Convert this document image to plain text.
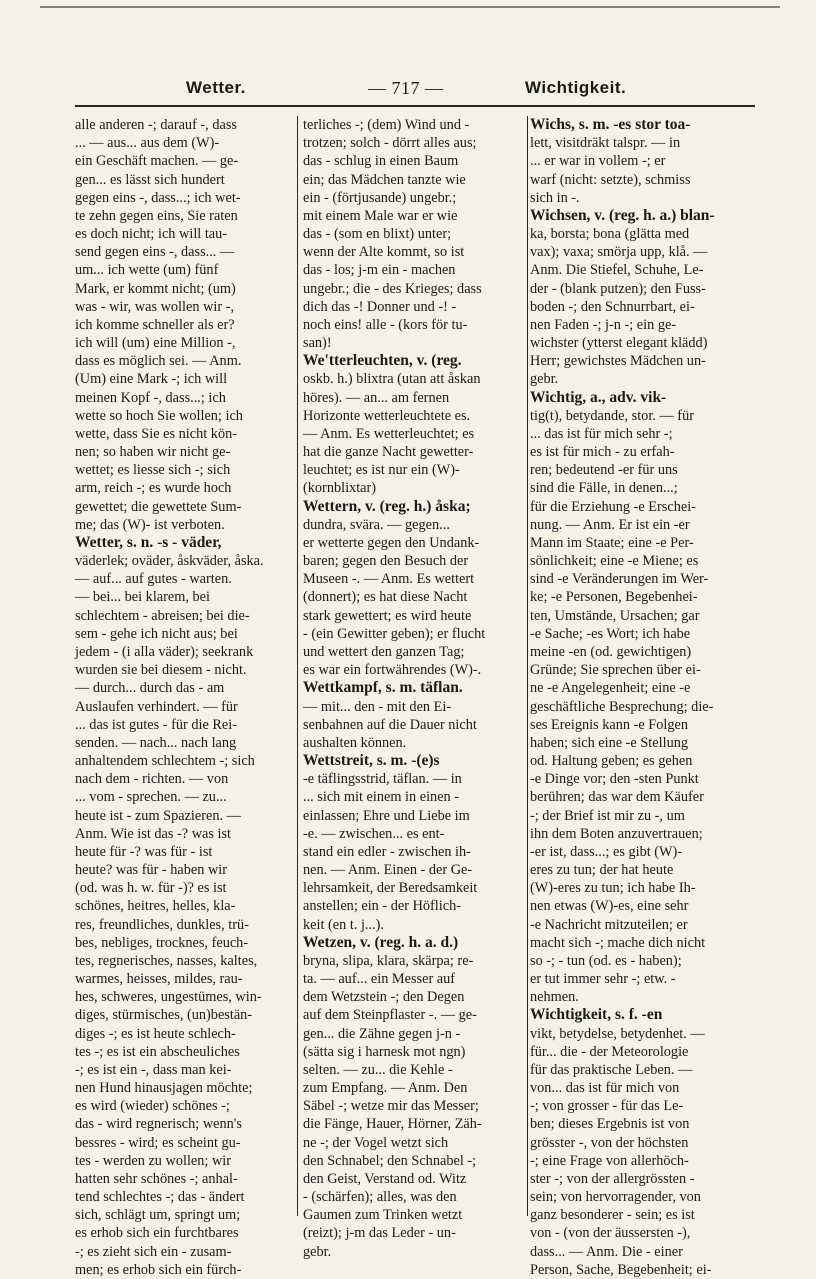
Wetter.	— 717 —	Wichtigkeit.
alle anderen -; darauf -, dass
... — aus... aus dem (W)-
ein Geschäft machen. — ge-
gen... es lässt sich hundert
gegen eins -, dass...; ich wet-
te zehn gegen eins, Sie raten
es doch nicht; ich will tau-
send gegen eins -, dass... —
um... ich wette (um) fünf
Mark, er kommt nicht; (um)
was - wir, was wollen wir -,
ich komme schneller als er?
ich will (um) eine Million -,
dass es möglich sei. — Anm.
(Um) eine Mark -; ich will
meinen Kopf -, dass...; ich
wette so hoch Sie wollen; ich
wette, dass Sie es nicht kön-
nen; so haben wir nicht ge-
wettet; es liesse sich -; sich
arm, reich -; es wurde hoch
gewettet; die gewettete Sum-
me; das (W)- ist verboten.
Wetter, s. n. -s - väder,
väderlek; oväder, åskväder, åska.
— auf... auf gutes - warten.
— bei... bei klarem, bei
schlechtem - abreisen; bei die-
sem - gehe ich nicht aus; bei
jedem - (i alla väder); seekrank
wurden sie bei diesem - nicht.
— durch... durch das - am
Auslaufen verhindert. — für
... das ist gutes - für die Rei-
senden. — nach... nach lang
anhaltendem schlechtem -; sich
nach dem - richten. — von
... vom - sprechen. — zu...
heute ist - zum Spazieren. —
Anm. Wie ist das -? was ist
heute für -? was für - ist
heute? was für - haben wir
(od. was h. w. für -)? es ist
schönes, heitres, helles, kla-
res, freundliches, dunkles, trü-
bes, nebliges, trocknes, feuch-
tes, regnerisches, nasses, kaltes,
warmes, heisses, mildes, rau-
hes, schweres, ungestümes, win-
diges, stürmisches, (un)bestän-
diges -; es ist heute schlech-
tes -; es ist ein abscheuliches
-; es ist ein -, dass man kei-
nen Hund hinausjagen möchte;
es wird (wieder) schönes -;
das - wird regnerisch; wenn's
bessres - wird; es scheint gu-
tes - werden zu wollen; wir
hatten sehr schönes -; anhal-
tend schlechtes -; das - ändert
sich, schlägt um, springt um;
es erhob sich ein furchtbares
-; es zieht sich ein - zusam-
men; es erhob sich ein fürch-
terliches -; (dem) Wind und -
trotzen; solch - dörrt alles aus;
das - schlug in einen Baum
ein; das Mädchen tanzte wie
ein - (förtjusande) ungebr.;
mit einem Male war er wie
das - (som en blixt) unter;
wenn der Alte kommt, so ist
das - los; j-m ein - machen
ungebr.; die - des Krieges; dass
dich das -! Donner und -! -
noch eins! alle - (kors för tu-
san)!
We'tterleuchten, v. (reg.
oskb. h.) blixtra (utan att åskan
höres). — an... am fernen
Horizonte wetterleuchtete es.
— Anm. Es wetterleuchtet; es
hat die ganze Nacht gewetter-
leuchtet; es ist nur ein (W)-
(kornblixtar)
Wettern, v. (reg. h.) åska;
dundra, svära. — gegen...
er wetterte gegen den Undank-
baren; gegen den Besuch der
Museen -. — Anm. Es wettert
(donnert); es hat diese Nacht
stark gewettert; es wird heute
- (ein Gewitter geben); er flucht
und wettert den ganzen Tag;
es war ein fortwährendes (W)-.
Wettkampf, s. m. täflan.
— mit... den - mit den Ei-
senbahnen auf die Dauer nicht
aushalten können.
Wettstreit, s. m. -(e)s
-e täflingsstrid, täflan. — in
... sich mit einem in einen -
einlassen; Ehre und Liebe im
-e. — zwischen... es ent-
stand ein edler - zwischen ih-
nen. — Anm. Einen - der Ge-
lehrsamkeit, der Beredsamkeit
anstellen; ein - der Höflich-
keit (en t. j...).
Wetzen, v. (reg. h. a. d.)
bryna, slipa, klara, skärpa; re-
ta. — auf... ein Messer auf
dem Wetzstein -; den Degen
auf dem Steinpflaster -. — ge-
gen... die Zähne gegen j-n -
(sätta sig i harnesk mot ngn)
selten. — zu... die Kehle -
zum Empfang. — Anm. Den
Säbel -; wetze mir das Messer;
die Fänge, Hauer, Hörner, Zäh-
ne -; der Vogel wetzt sich
den Schnabel; den Schnabel -;
den Geist, Verstand od. Witz
- (schärfen); alles, was den
Gaumen zum Trinken wetzt
(reizt); j-m das Leder - un-
gebr.
Wichs, s. m. -es stor toa-
lett, visitdräkt talspr. — in
... er war in vollem -; er
warf (nicht: setzte), schmiss
sich in -.
Wichsen, v. (reg. h. a.) blan-
ka, borsta; bona (glätta med
vax); vaxa; smörja upp, klå. —
Anm. Die Stiefel, Schuhe, Le-
der - (blank putzen); den Fuss-
boden -; den Schnurrbart, ei-
nen Faden -; j-n -; ein ge-
wichster (ytterst elegant klädd)
Herr; gewichstes Mädchen un-
gebr.
Wichtig, a., adv. vik-
tig(t), betydande, stor. — für
... das ist für mich sehr -;
es ist für mich - zu erfah-
ren; bedeutend -er für uns
sind die Fälle, in denen...;
für die Erziehung -e Erschei-
nung. — Anm. Er ist ein -er
Mann im Staate; eine -e Per-
sönlichkeit; eine -e Miene; es
sind -e Veränderungen im Wer-
ke; -e Personen, Begebenhei-
ten, Umstände, Ursachen; gar
-e Sache; -es Wort; ich habe
meine -en (od. gewichtigen)
Gründe; Sie sprechen über ei-
ne -e Angelegenheit; eine -e
geschäftliche Besprechung; die-
ses Ereignis kann -e Folgen
haben; sich eine -e Stellung
od. Haltung geben; es gehen
-e Dinge vor; den -sten Punkt
berühren; das war dem Käufer
-; der Brief ist mir zu -, um
ihn dem Boten anzuvertrauen;
-er ist, dass...; es gibt (W)-
eres zu tun; der hat heute
(W)-eres zu tun; ich habe Ih-
nen etwas (W)-es, eine sehr
-e Nachricht mitzuteilen; er
macht sich -; mache dich nicht
so -; - tun (od. es - haben);
er tut immer sehr -; etw. -
nehmen.
Wichtigkeit, s. f. -en
vikt, betydelse, betydenhet. —
für... die - der Meteorologie
für das praktische Leben. —
von... das ist für mich von
-; von grosser - für das Le-
ben; dieses Ergebnis ist von
grösster -, von der höchsten
-; eine Frage von allerhöch-
ster -; von der allergrössten -
sein; von hervorragender, von
ganz besonderer - sein; es ist
von - (von der äussersten -),
dass... — Anm. Die - einer
Person, Sache, Begebenheit; ei-
